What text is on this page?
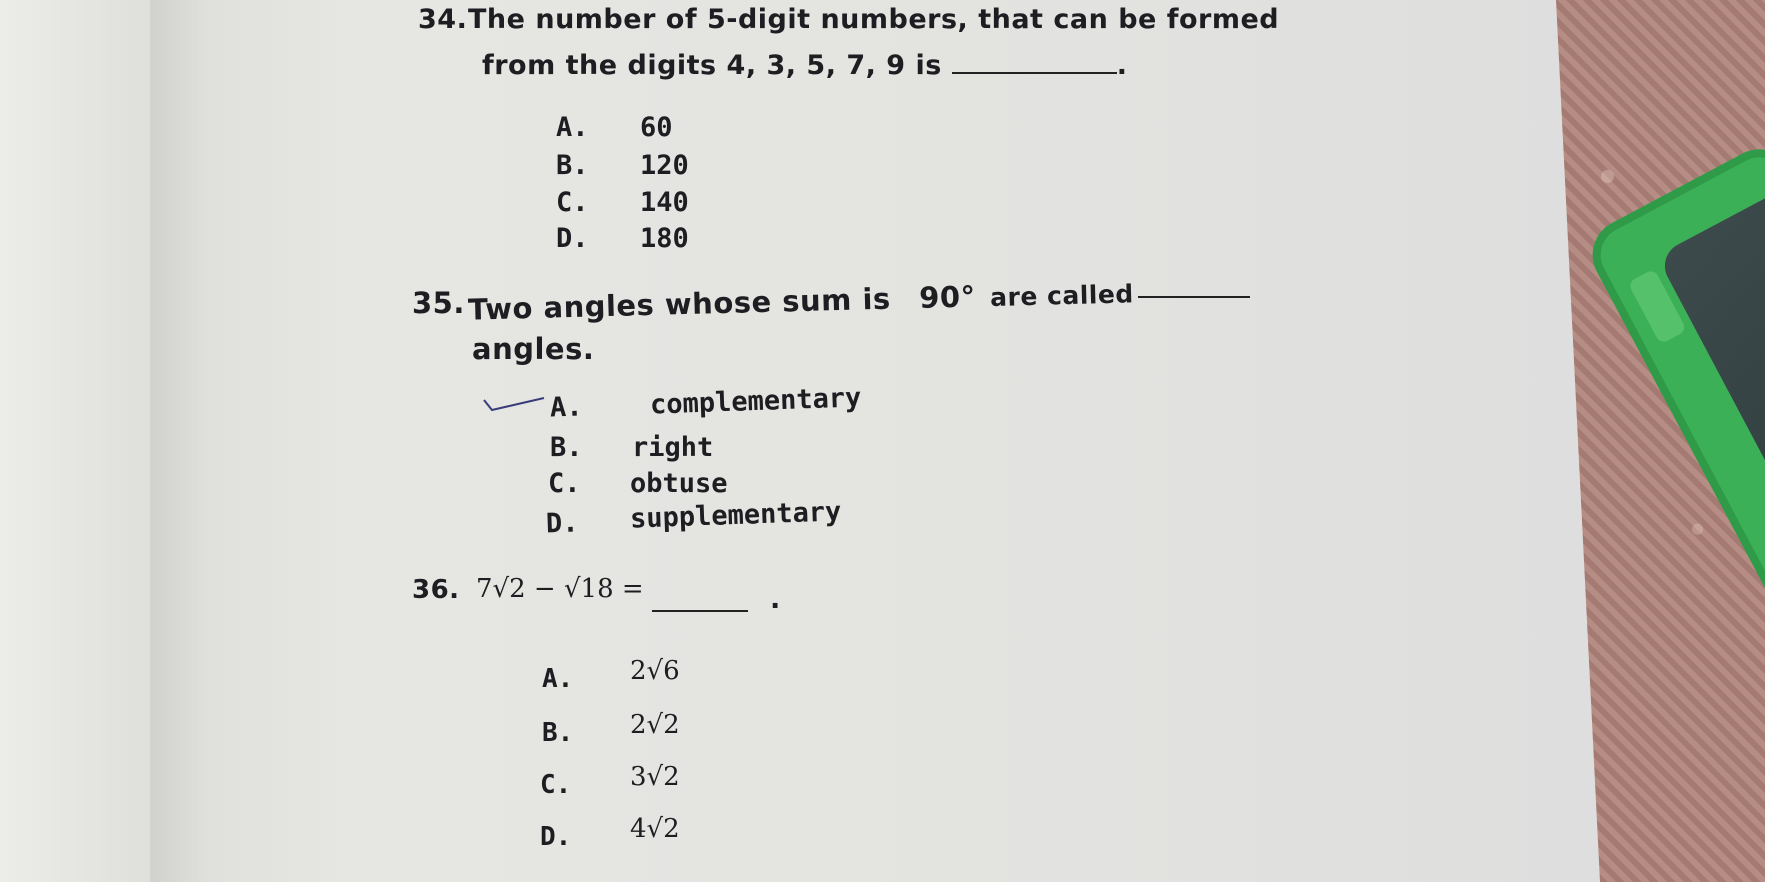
34. The number of 5-digit numbers, that can be formed
from the digits 4, 3, 5, 7, 9 is	.
A. 60
B. 120
C. 140
D. 180
35. Two angles whose sum is 90° are called
angles.
A. complementary
B. right
C. obtuse
D. supplementary
36. 7√2 − √18 =	.
A. 2√6
B. 2√2
C. 3√2
D. 4√2
